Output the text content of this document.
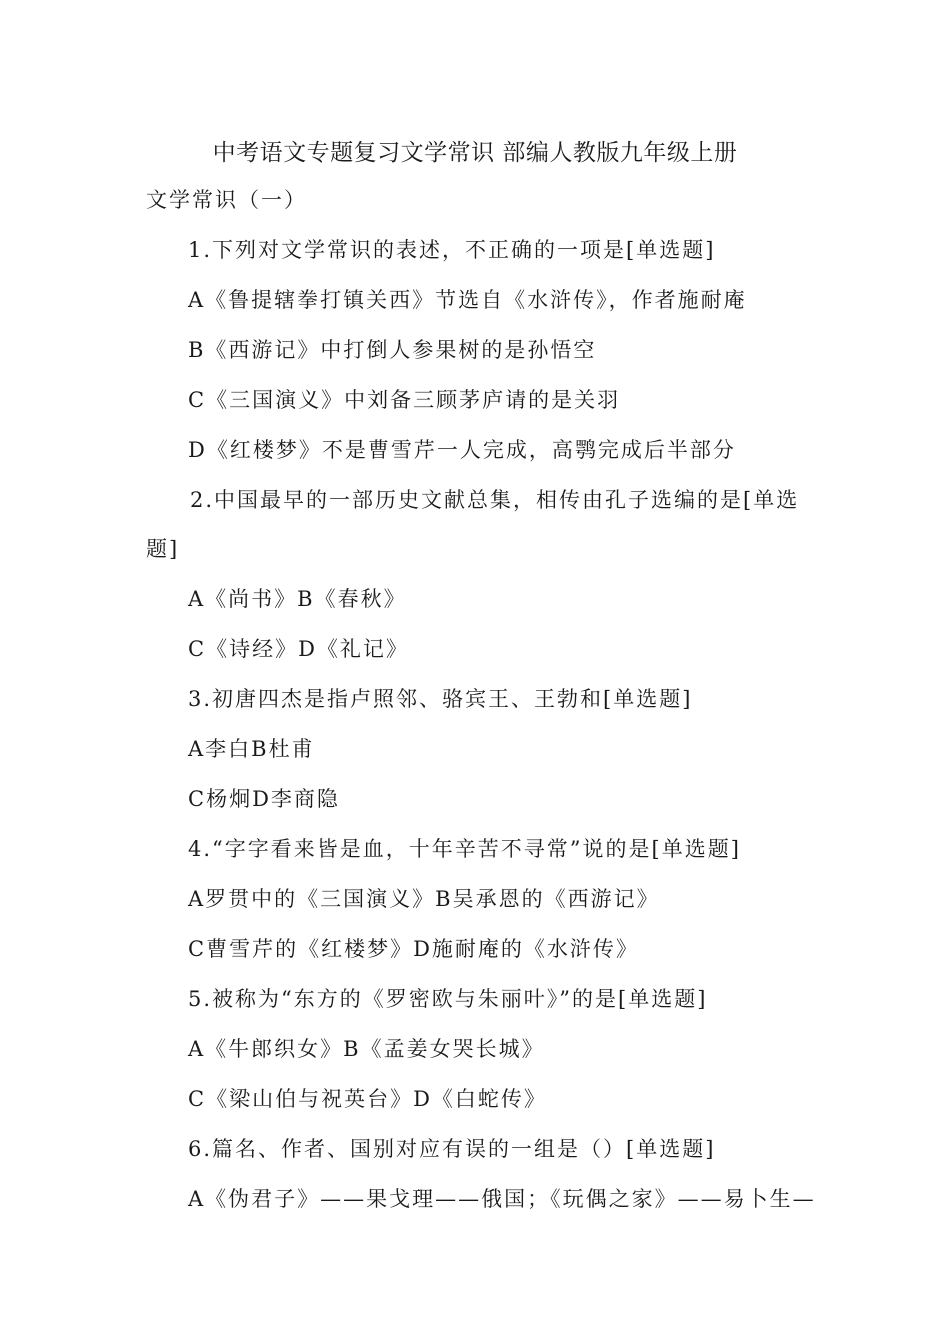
中考语文专题复习文学常识 部编人教版九年级上册

文学常识（一）

1.下列对文学常识的表述，不正确的一项是[单选题]

A《鲁提辖拳打镇关西》节选自《水浒传》，作者施耐庵

B《西游记》中打倒人参果树的是孙悟空

C《三国演义》中刘备三顾茅庐请的是关羽

D《红楼梦》不是曹雪芹一人完成，高鹗完成后半部分

2.中国最早的一部历史文献总集，相传由孔子选编的是[单选

题]

A《尚书》B《春秋》

C《诗经》D《礼记》

3.初唐四杰是指卢照邻、骆宾王、王勃和[单选题]

A李白B杜甫

C杨炯D李商隐

4.“字字看来皆是血，十年辛苦不寻常”说的是[单选题]

A罗贯中的《三国演义》B吴承恩的《西游记》

C曹雪芹的《红楼梦》D施耐庵的《水浒传》

5.被称为“东方的《罗密欧与朱丽叶》”的是[单选题]

A《牛郎织女》B《孟姜女哭长城》

C《梁山伯与祝英台》D《白蛇传》

6.篇名、作者、国别对应有误的一组是（）[单选题]

A《伪君子》——果戈理——俄国；《玩偶之家》——易卜生—
